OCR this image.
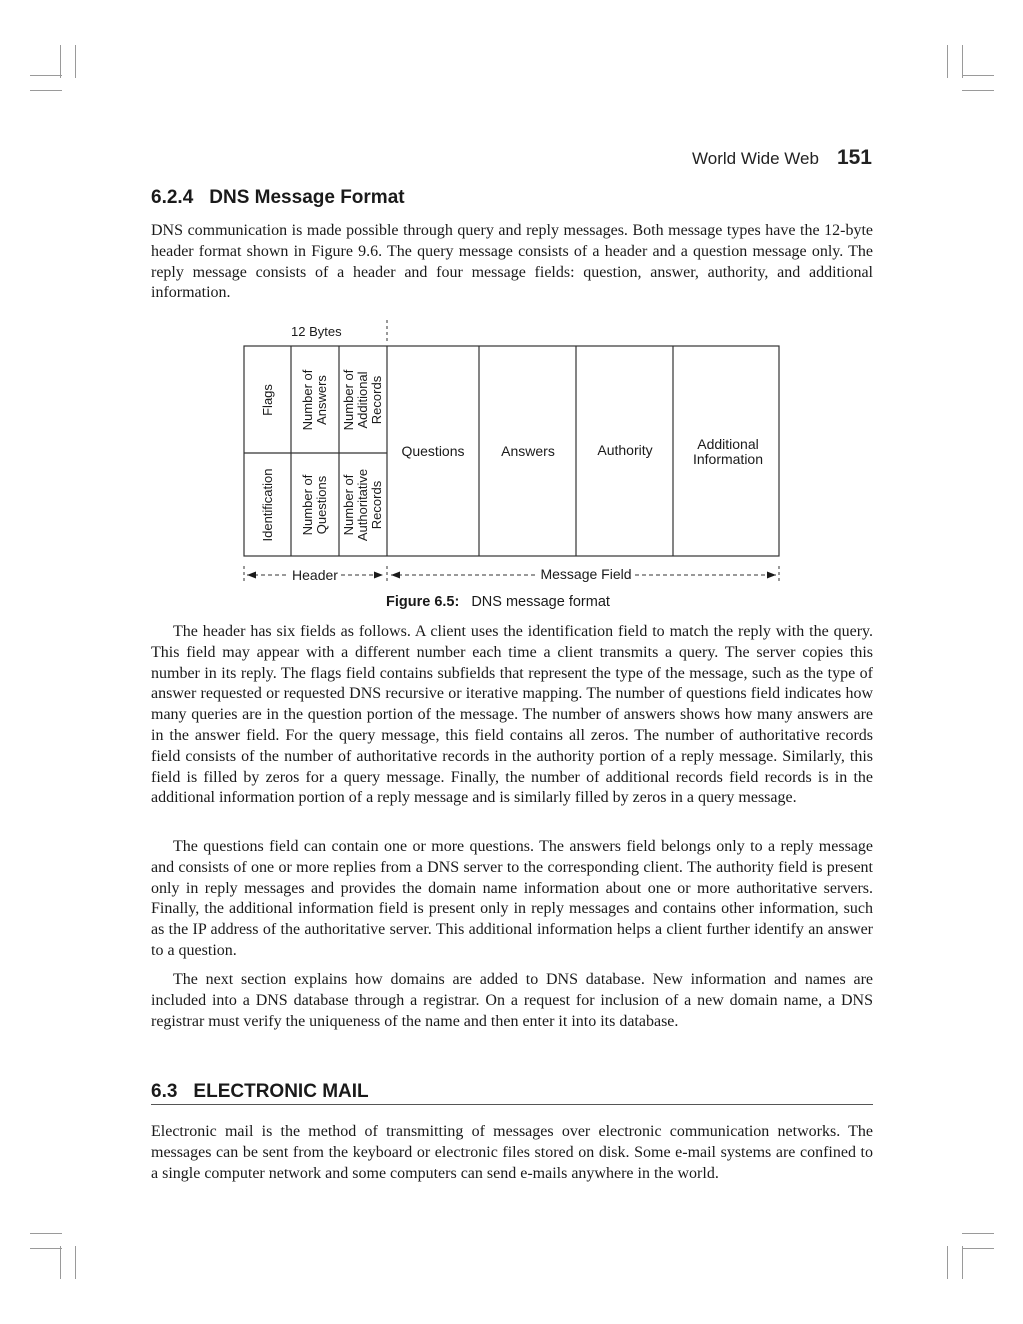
World Wide Web 151
6.2.4 DNS Message Format

DNS communication is made possible through query and reply messages. Both message types have the 12-byte header format shown in Figure 9.6. The query message consists of a header and a question message only. The reply message consists of a header and four message fields: question, answer, authority, and additional information.

12 Bytes
Flags
Identification
Number of Answers
Number of Questions
Number of Additional Records
Number of Authoritative Records
Questions	Answers	Authority	Additional
Information
Header	Message Field
Figure 6.5: DNS message format

The header has six fields as follows. A client uses the identification field to match the reply with the query. This field may appear with a different number each time a client transmits a query. The server copies this number in its reply. The flags field contains subfields that represent the type of the message, such as the type of answer requested or requested DNS recursive or iterative mapping. The number of questions field indicates how many queries are in the question portion of the message. The number of answers shows how many answers are in the answer field. For the query message, this field contains all zeros. The number of authoritative records field consists of the number of authoritative records in the authority portion of a reply message. Similarly, this field is filled by zeros for a query message. Finally, the number of additional records field records is in the additional information portion of a reply message and is similarly filled by zeros in a query message.

The questions field can contain one or more questions. The answers field belongs only to a reply message and consists of one or more replies from a DNS server to the corresponding client. The authority field is present only in reply messages and provides the domain name information about one or more authoritative servers. Finally, the additional information field is present only in reply messages and contains other information, such as the IP address of the authoritative server. This additional information helps a client further identify an answer to a question.

The next section explains how domains are added to DNS database. New information and names are included into a DNS database through a registrar. On a request for inclusion of a new domain name, a DNS registrar must verify the uniqueness of the name and then enter it into its database.

6.3 ELECTRONIC MAIL

Electronic mail is the method of transmitting of messages over electronic communication networks. The messages can be sent from the keyboard or electronic files stored on disk. Some e-mail systems are confined to a single computer network and some computers can send e-mails anywhere in the world.
